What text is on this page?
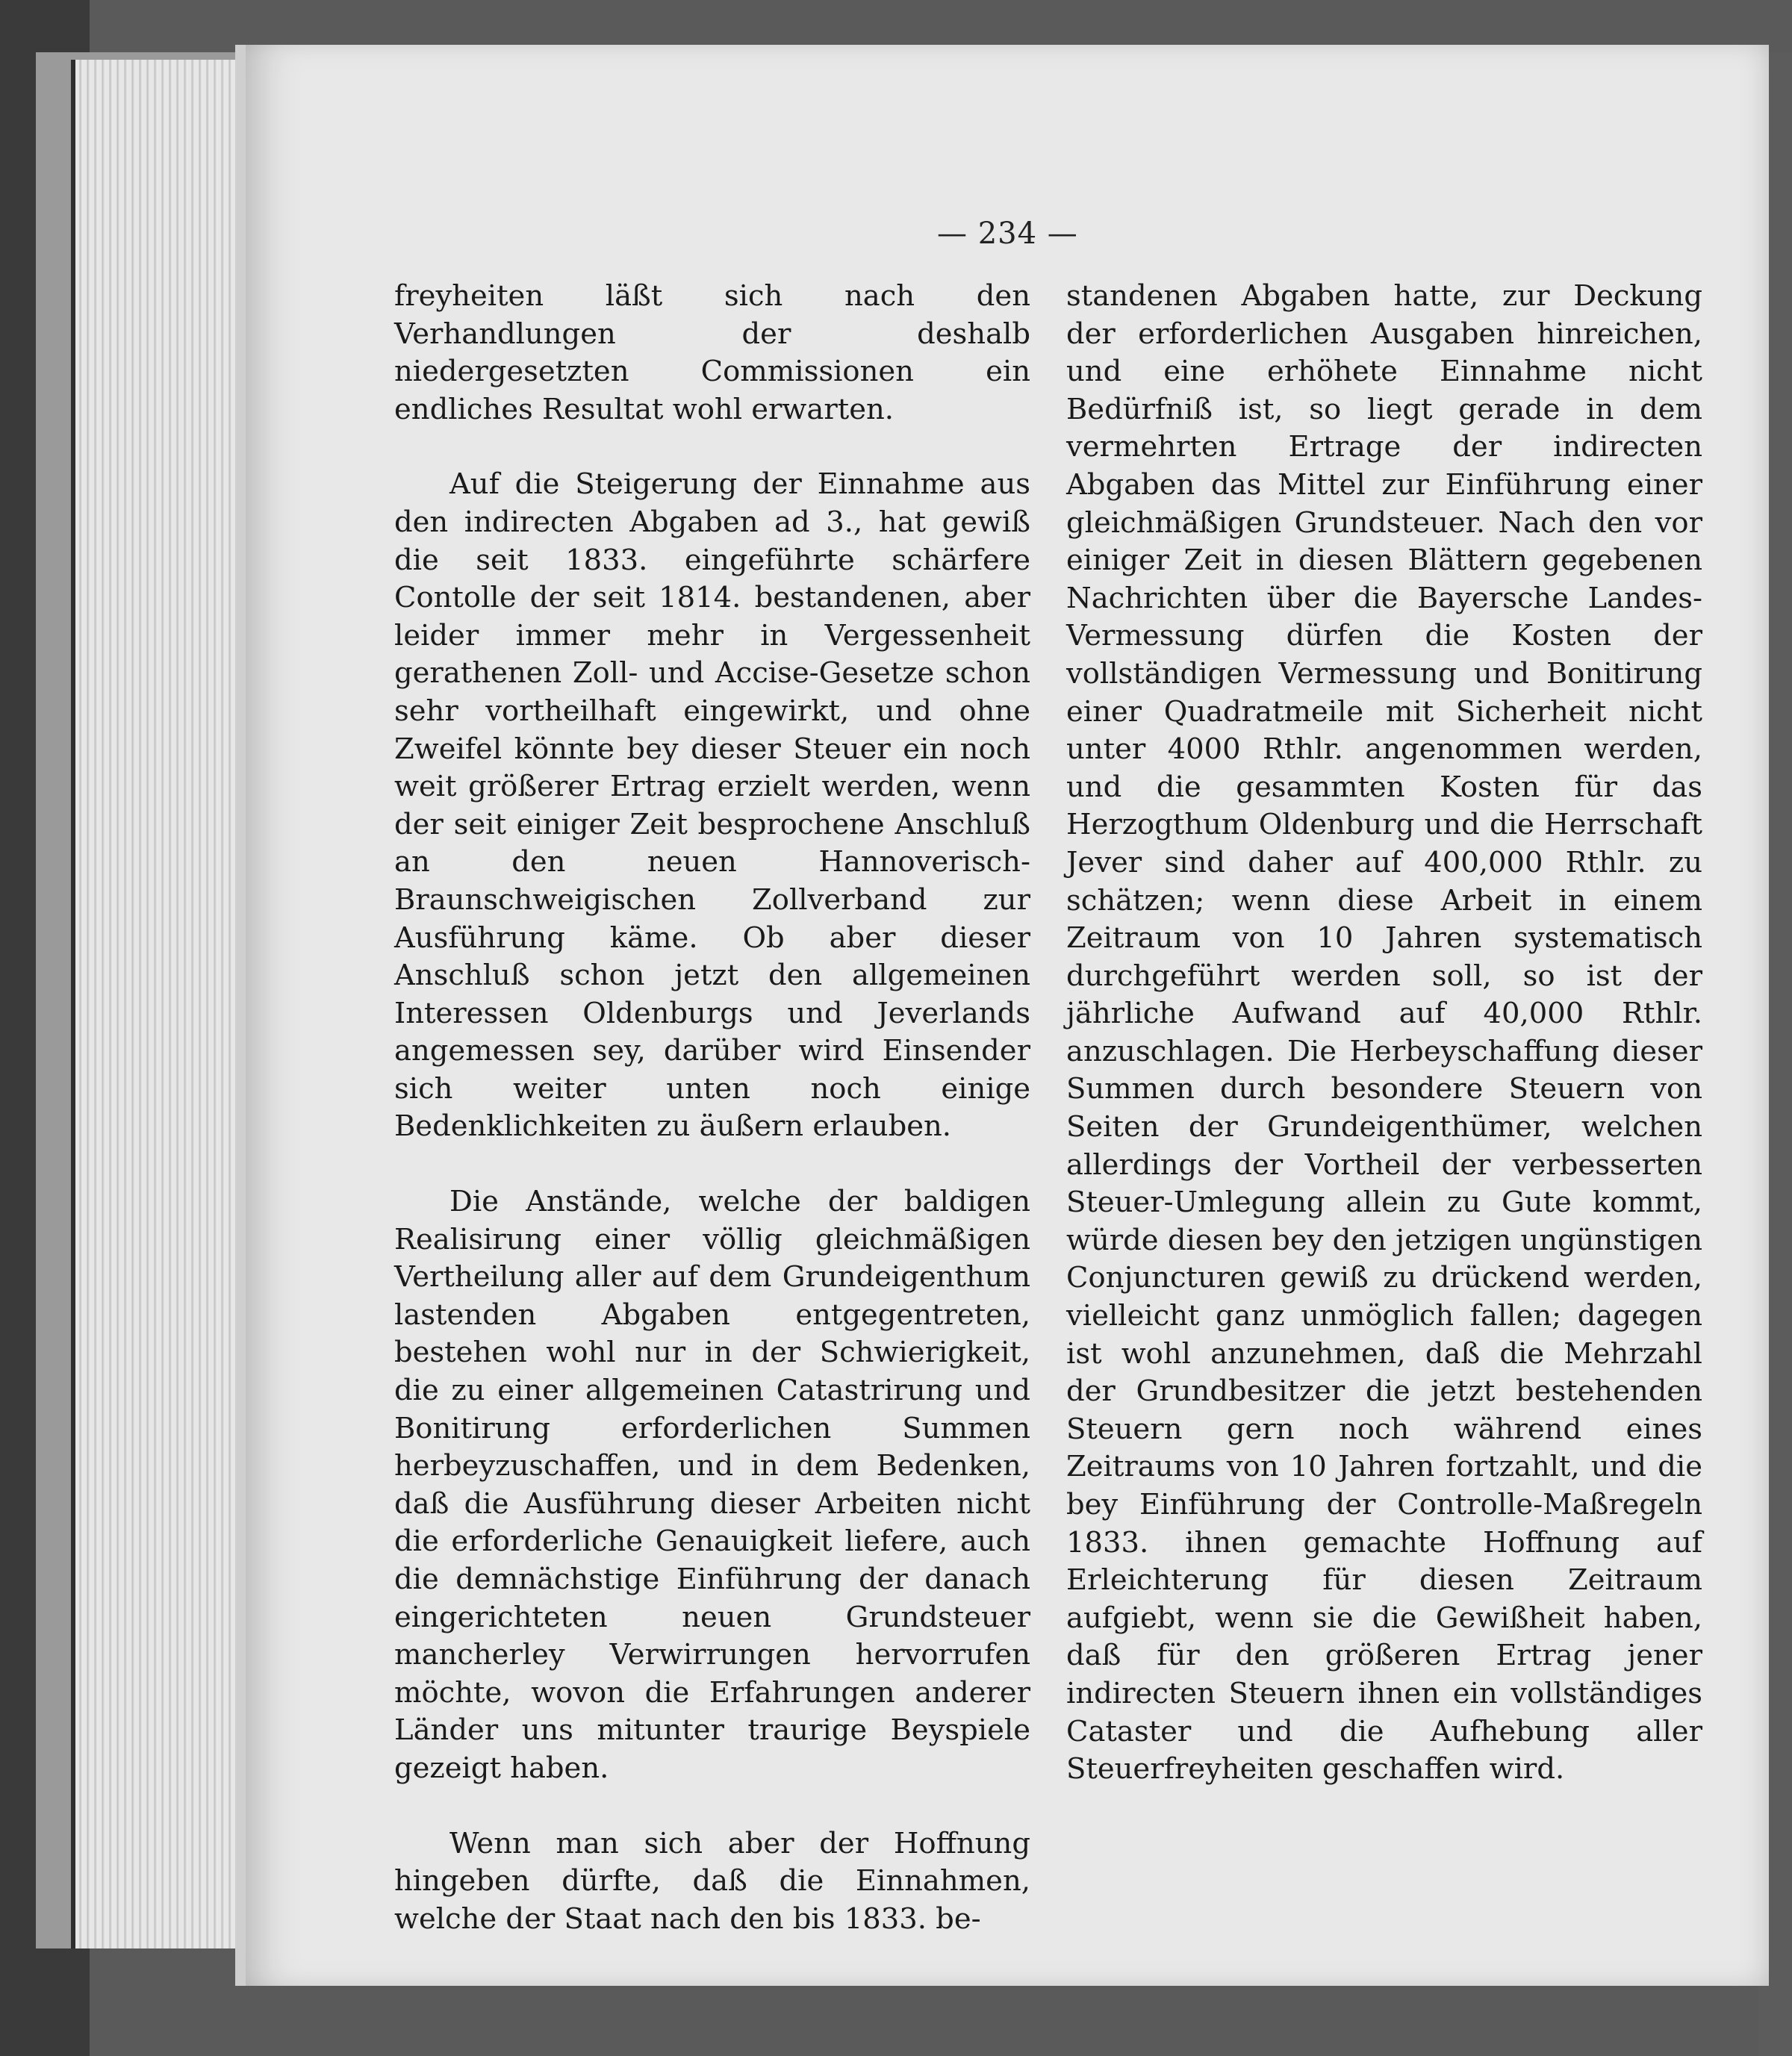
— 234 —

freyheiten läßt sich nach den Verhandlungen der deshalb niedergesetzten Commissionen ein endliches Resultat wohl erwarten.

Auf die Steigerung der Einnahme aus den indirecten Abgaben ad 3., hat gewiß die seit 1833. eingeführte schärfere Contolle der seit 1814. bestandenen, aber leider immer mehr in Vergessenheit gerathenen Zoll- und Accise-Gesetze schon sehr vortheilhaft eingewirkt, und ohne Zweifel könnte bey dieser Steuer ein noch weit größerer Ertrag erzielt werden, wenn der seit einiger Zeit besprochene Anschluß an den neuen Hannoverisch-Braunschweigischen Zollverband zur Ausführung käme. Ob aber dieser Anschluß schon jetzt den allgemeinen Interessen Oldenburgs und Jeverlands angemessen sey, darüber wird Einsender sich weiter unten noch einige Bedenklichkeiten zu äußern erlauben.

Die Anstände, welche der baldigen Realisirung einer völlig gleichmäßigen Vertheilung aller auf dem Grundeigenthum lastenden Abgaben entgegentreten, bestehen wohl nur in der Schwierigkeit, die zu einer allgemeinen Catastrirung und Bonitirung erforderlichen Summen herbeyzuschaffen, und in dem Bedenken, daß die Ausführung dieser Arbeiten nicht die erforderliche Genauigkeit liefere, auch die demnächstige Einführung der danach eingerichteten neuen Grundsteuer mancherley Verwirrungen hervorrufen möchte, wovon die Erfahrungen anderer Länder uns mitunter traurige Beyspiele gezeigt haben.

Wenn man sich aber der Hoffnung hingeben dürfte, daß die Einnahmen, welche der Staat nach den bis 1833. be-

standenen Abgaben hatte, zur Deckung der erforderlichen Ausgaben hinreichen, und eine erhöhete Einnahme nicht Bedürfniß ist, so liegt gerade in dem vermehrten Ertrage der indirecten Abgaben das Mittel zur Einführung einer gleichmäßigen Grundsteuer. Nach den vor einiger Zeit in diesen Blättern gegebenen Nachrichten über die Bayersche Landes-Vermessung dürfen die Kosten der vollständigen Vermessung und Bonitirung einer Quadratmeile mit Sicherheit nicht unter 4000 Rthlr. angenommen werden, und die gesammten Kosten für das Herzogthum Oldenburg und die Herrschaft Jever sind daher auf 400,000 Rthlr. zu schätzen; wenn diese Arbeit in einem Zeitraum von 10 Jahren systematisch durchgeführt werden soll, so ist der jährliche Aufwand auf 40,000 Rthlr. anzuschlagen. Die Herbeyschaffung dieser Summen durch besondere Steuern von Seiten der Grundeigenthümer, welchen allerdings der Vortheil der verbesserten Steuer-Umlegung allein zu Gute kommt, würde diesen bey den jetzigen ungünstigen Conjuncturen gewiß zu drückend werden, vielleicht ganz unmöglich fallen; dagegen ist wohl anzunehmen, daß die Mehrzahl der Grundbesitzer die jetzt bestehenden Steuern gern noch während eines Zeitraums von 10 Jahren fortzahlt, und die bey Einführung der Controlle-Maßregeln 1833. ihnen gemachte Hoffnung auf Erleichterung für diesen Zeitraum aufgiebt, wenn sie die Gewißheit haben, daß für den größeren Ertrag jener indirecten Steuern ihnen ein vollständiges Cataster und die Aufhebung aller Steuerfreyheiten geschaffen wird.
